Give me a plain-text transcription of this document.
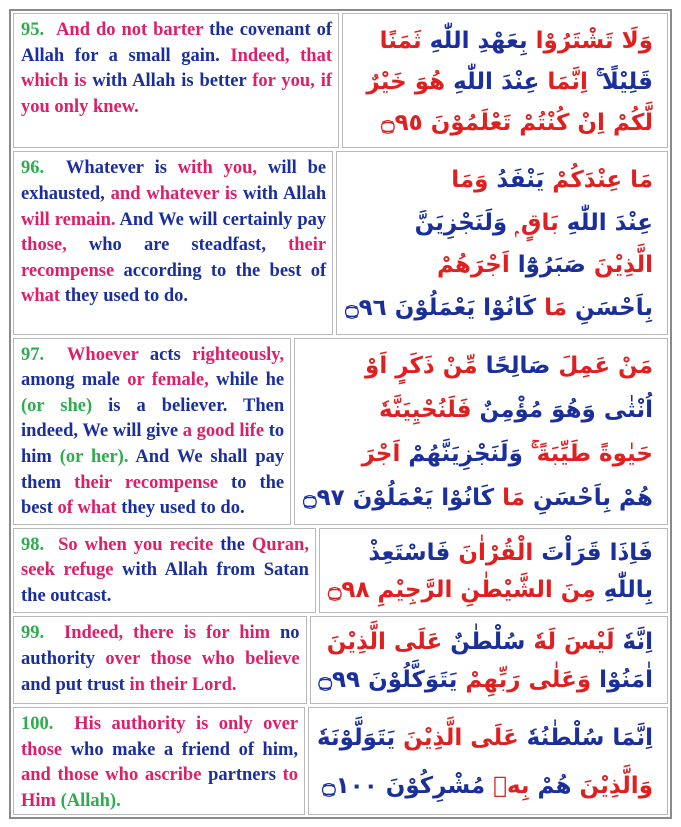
95. And do not barter the covenant of Allah for a small gain. Indeed, that which is with Allah is better for you, if you only knew.
وَلَا تَشْتَرُوْا بِعَهْدِ اللّٰهِ ثَمَنًا
قَلِيْلًا ۚ اِنَّمَا عِنْدَ اللّٰهِ هُوَ خَيْرٌ
لَّكُمْ اِنْ كُنْتُمْ تَعْلَمُوْنَ ۝٩٥
96. Whatever is with you, will be exhausted, and whatever is with Allah will remain. And We will certainly pay those, who are steadfast, their recompense according to the best of what they used to do.
مَا عِنْدَكُمْ يَنْفَدُ وَمَا
عِنْدَ اللّٰهِ بَاقٍ ۭ وَلَنَجْزِيَنَّ
الَّذِيْنَ صَبَرُوْٓا اَجْرَهُمْ
بِاَحْسَنِ مَا كَانُوْا يَعْمَلُوْنَ ۝٩٦
97. Whoever acts righteously, among male or female, while he (or she) is a believer. Then indeed, We will give a good life to him (or her). And We shall pay them their recompense to the best of what they used to do.
مَنْ عَمِلَ صَالِحًا مِّنْ ذَكَرٍ اَوْ
اُنْثٰى وَهُوَ مُؤْمِنٌ فَلَنُحْيِيَنَّهٗ
حَيٰوةً طَيِّبَةً ۚ وَلَنَجْزِيَنَّهُمْ اَجْرَ
هُمْ بِاَحْسَنِ مَا كَانُوْا يَعْمَلُوْنَ ۝٩٧
98. So when you recite the Quran, seek refuge with Allah from Satan the outcast.
فَاِذَا قَرَاْتَ الْقُرْاٰنَ فَاسْتَعِذْ
بِاللّٰهِ مِنَ الشَّيْطٰنِ الرَّجِيْمِ ۝٩٨
99. Indeed, there is for him no authority over those who believe and put trust in their Lord.
اِنَّهٗ لَيْسَ لَهٗ سُلْطٰنٌ عَلَى الَّذِيْنَ
اٰمَنُوْا وَعَلٰى رَبِّهِمْ يَتَوَكَّلُوْنَ ۝٩٩
100. His authority is only over those who make a friend of him, and those who ascribe partners to Him (Allah).
اِنَّمَا سُلْطٰنُهٗ عَلَى الَّذِيْنَ يَتَوَلَّوْنَهٗ
وَالَّذِيْنَ هُمْ بِهٖ مُشْرِكُوْنَ ۝١٠٠
